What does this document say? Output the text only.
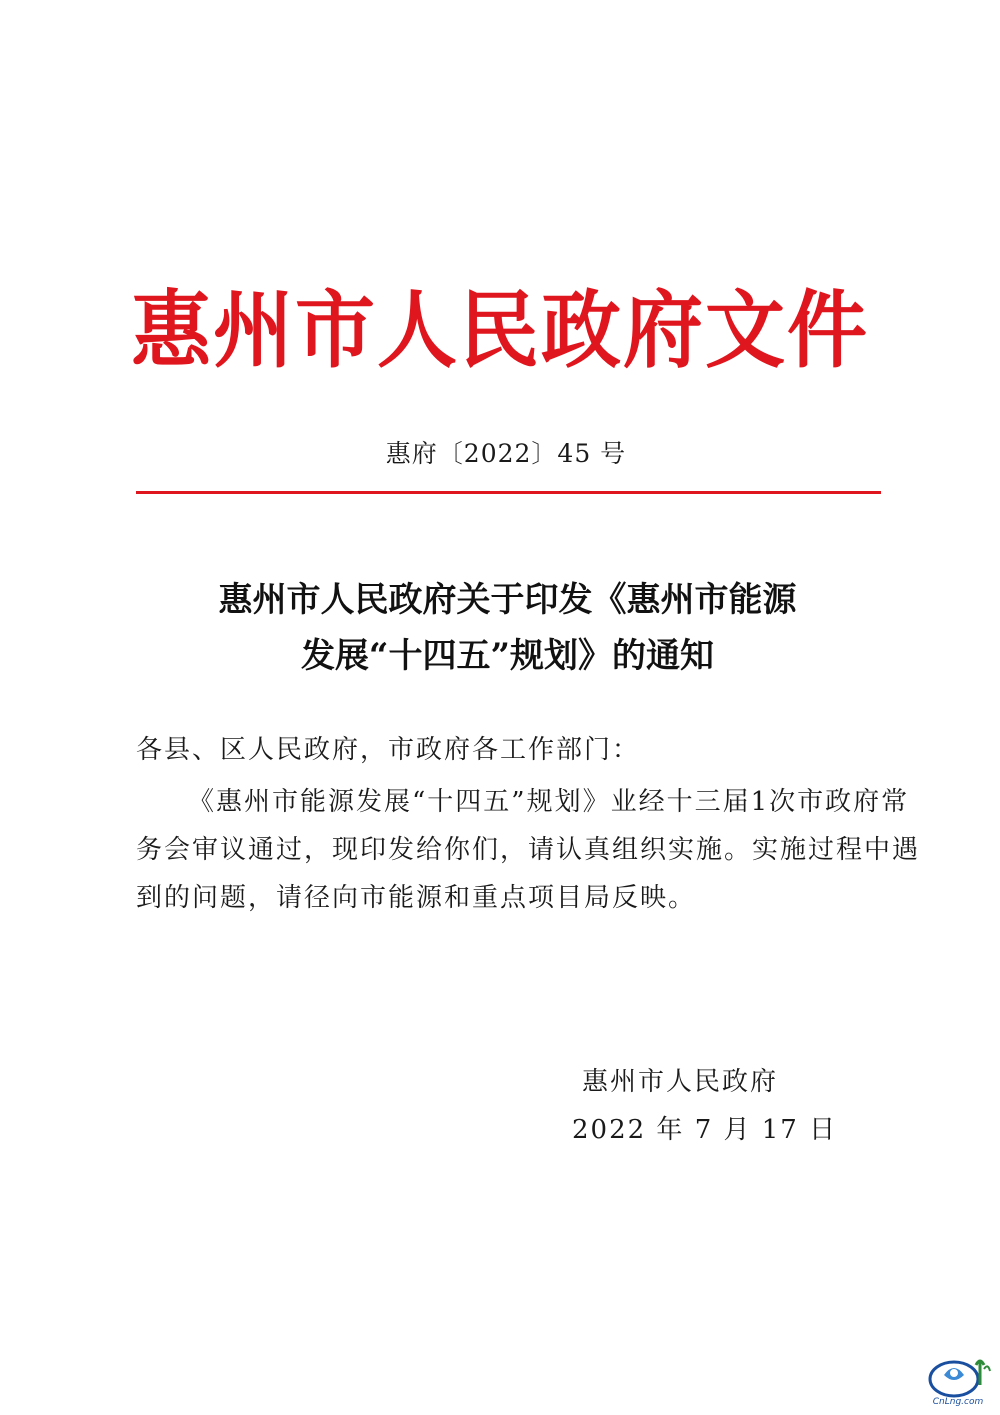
惠州市人民政府文件
惠府〔2022〕45 号
惠州市人民政府关于印发《惠州市能源
发展“十四五”规划》的通知
各县、区人民政府，市政府各工作部门：
《惠州市能源发展“十四五”规划》业经十三届1次市政府常
务会审议通过，现印发给你们，请认真组织实施。实施过程中遇
到的问题，请径向市能源和重点项目局反映。
惠州市人民政府
2022 年 7 月 17 日
CnLng.com
